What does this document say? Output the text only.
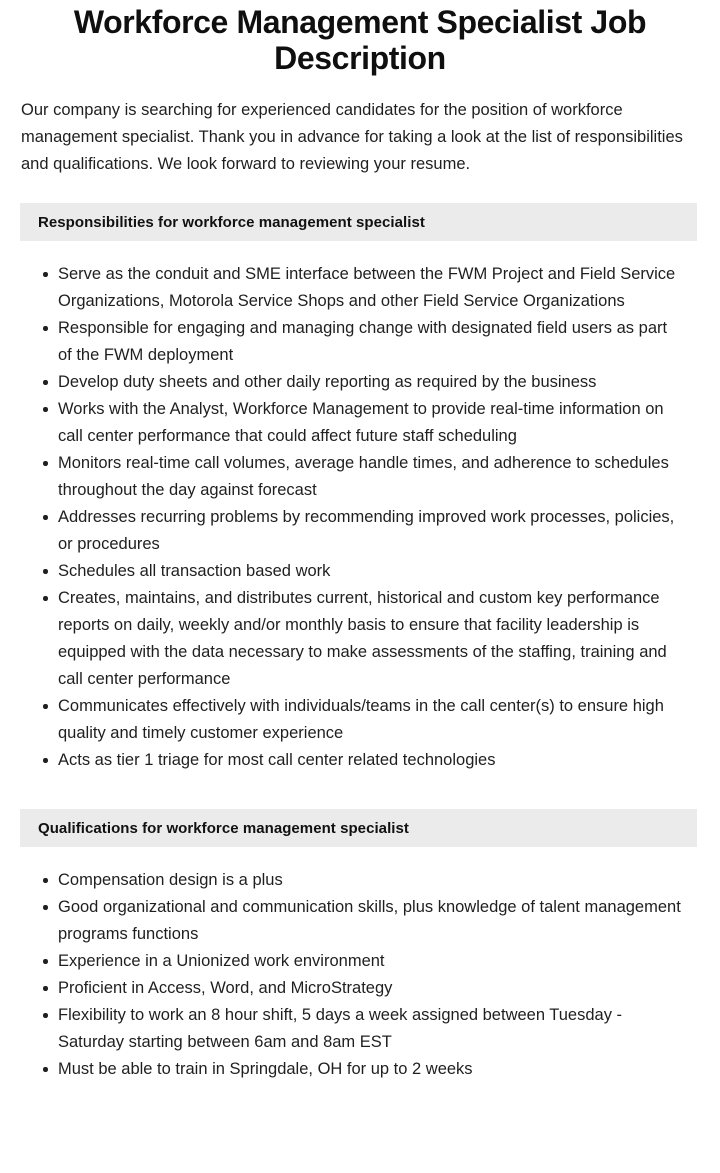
Workforce Management Specialist Job Description

Our company is searching for experienced candidates for the position of workforce management specialist. Thank you in advance for taking a look at the list of responsibilities and qualifications. We look forward to reviewing your resume.

Responsibilities for workforce management specialist
Serve as the conduit and SME interface between the FWM Project and Field Service Organizations, Motorola Service Shops and other Field Service Organizations
Responsible for engaging and managing change with designated field users as part of the FWM deployment
Develop duty sheets and other daily reporting as required by the business
Works with the Analyst, Workforce Management to provide real-time information on call center performance that could affect future staff scheduling
Monitors real-time call volumes, average handle times, and adherence to schedules throughout the day against forecast
Addresses recurring problems by recommending improved work processes, policies, or procedures
Schedules all transaction based work
Creates, maintains, and distributes current, historical and custom key performance reports on daily, weekly and/or monthly basis to ensure that facility leadership is equipped with the data necessary to make assessments of the staffing, training and call center performance
Communicates effectively with individuals/teams in the call center(s) to ensure high quality and timely customer experience
Acts as tier 1 triage for most call center related technologies
Qualifications for workforce management specialist
Compensation design is a plus
Good organizational and communication skills, plus knowledge of talent management programs functions
Experience in a Unionized work environment
Proficient in Access, Word, and MicroStrategy
Flexibility to work an 8 hour shift, 5 days a week assigned between Tuesday - Saturday starting between 6am and 8am EST
Must be able to train in Springdale, OH for up to 2 weeks
